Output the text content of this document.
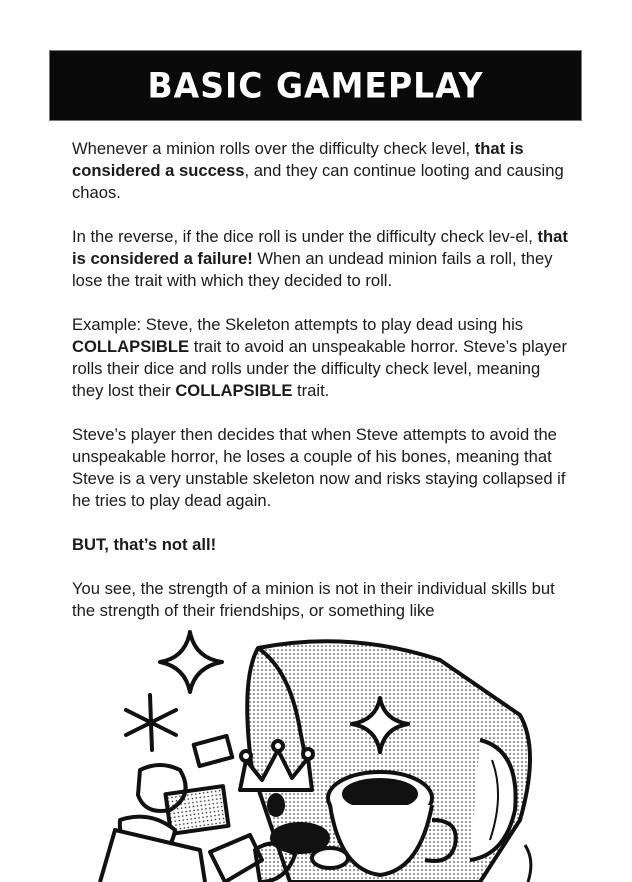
BASIC GAMEPLAY

Whenever a minion rolls over the difficulty check level, that is considered a success, and they can continue looting and causing chaos.

In the reverse, if the dice roll is under the difficulty check lev-el, that is considered a failure! When an undead minion fails a roll, they lose the trait with which they decided to roll.

Example: Steve, the Skeleton attempts to play dead using his COLLAPSIBLE trait to avoid an unspeakable horror. Steve’s player rolls their dice and rolls under the difficulty check level, meaning they lost their COLLAPSIBLE trait.

Steve’s player then decides that when Steve attempts to avoid the unspeakable horror, he loses a couple of his bones, meaning that Steve is a very unstable skeleton now and risks staying collapsed if he tries to play dead again.

BUT, that’s not all!

You see, the strength of a minion is not in their individual skills but the strength of their friendships, or something like
